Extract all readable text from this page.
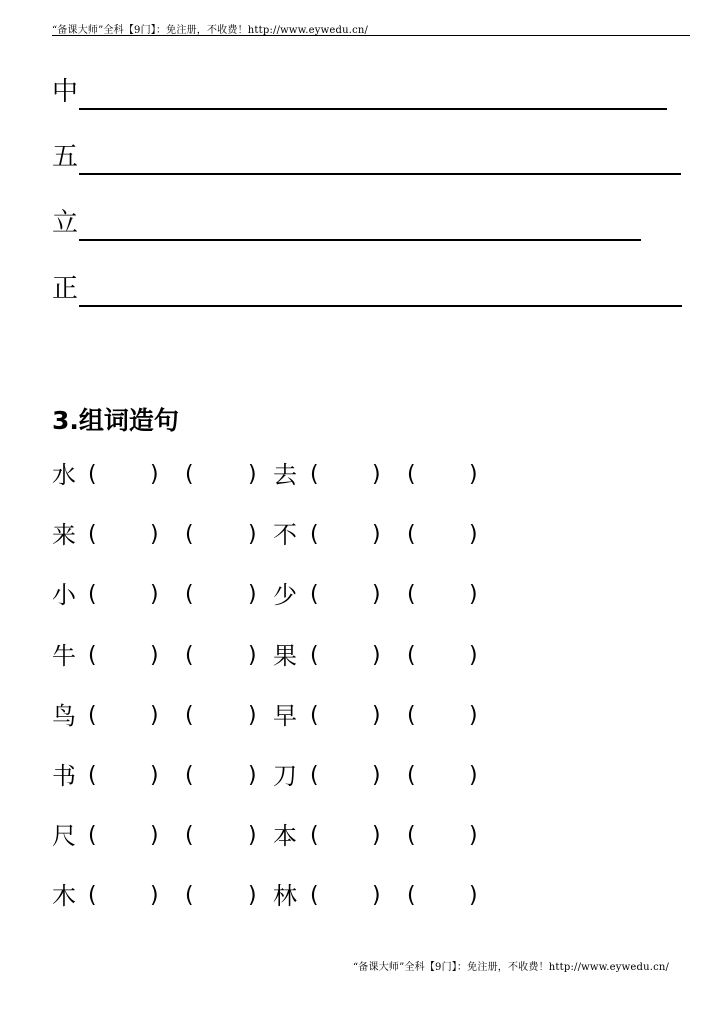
“备课大师”全科【9门】：免注册，不收费！http://www.eywedu.cn/
中
五
立
正
3.组词造句
水 ( ) ( ) 去 ( ) ( )
来 ( ) ( ) 不 ( ) ( )
小 ( ) ( ) 少 ( ) ( )
牛 ( ) ( ) 果 ( ) ( )
鸟 ( ) ( ) 早 ( ) ( )
书 ( ) ( ) 刀 ( ) ( )
尺 ( ) ( ) 本 ( ) ( )
木 ( ) ( ) 林 ( ) ( )
“备课大师”全科【9门】：免注册，不收费！http://www.eywedu.cn/
